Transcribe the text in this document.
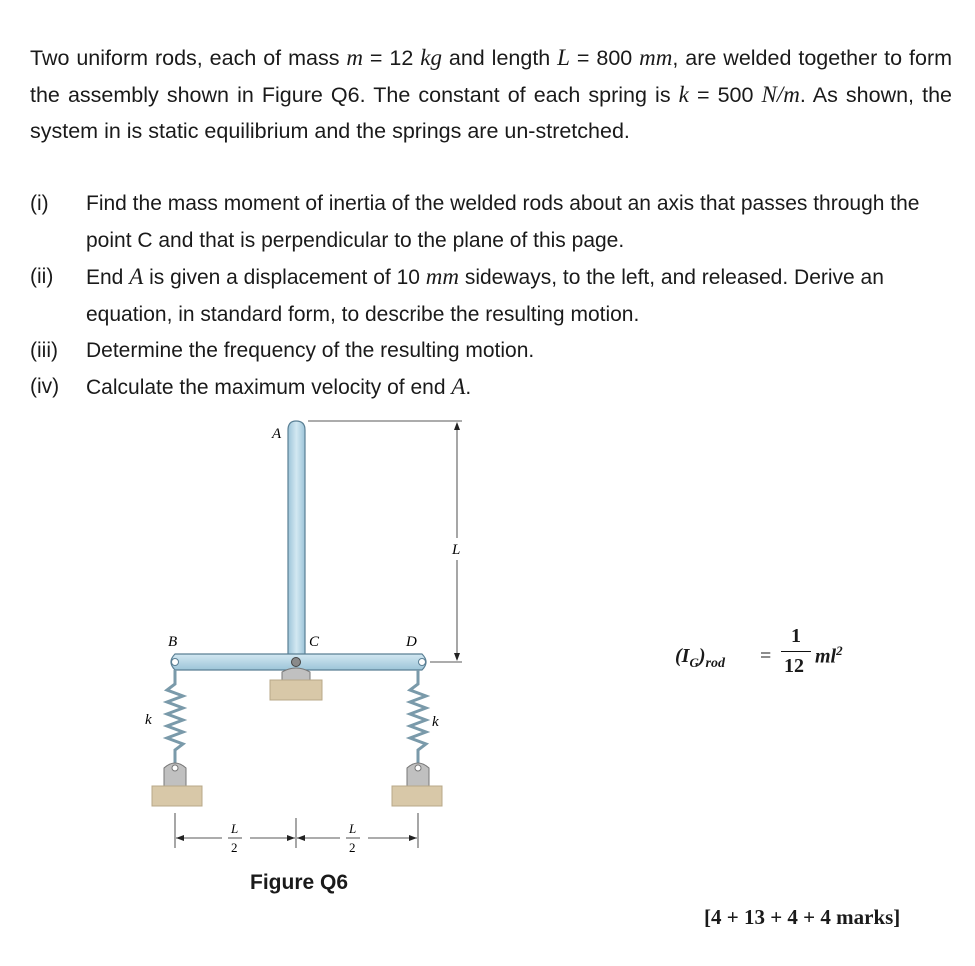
Two uniform rods, each of mass m = 12 kg and length L = 800 mm, are welded together to form the assembly shown in Figure Q6. The constant of each spring is k = 500 N/m. As shown, the system in is static equilibrium and the springs are un-stretched.
(i)	Find the mass moment of inertia of the welded rods about an axis that passes through the point C and that is perpendicular to the plane of this page.
(ii)	End A is given a displacement of 10 mm sideways, to the left, and released. Derive an equation, in standard form, to describe the resulting motion.
(iii)	Determine the frequency of the resulting motion.
(iv)	Calculate the maximum velocity of end A.
L
A
B	C	D
k	k
L
2
L
2
Figure Q6
$(I_G)_{rod}$ =
1
12 $ml^2$
[4 + 13 + 4 + 4 marks]
